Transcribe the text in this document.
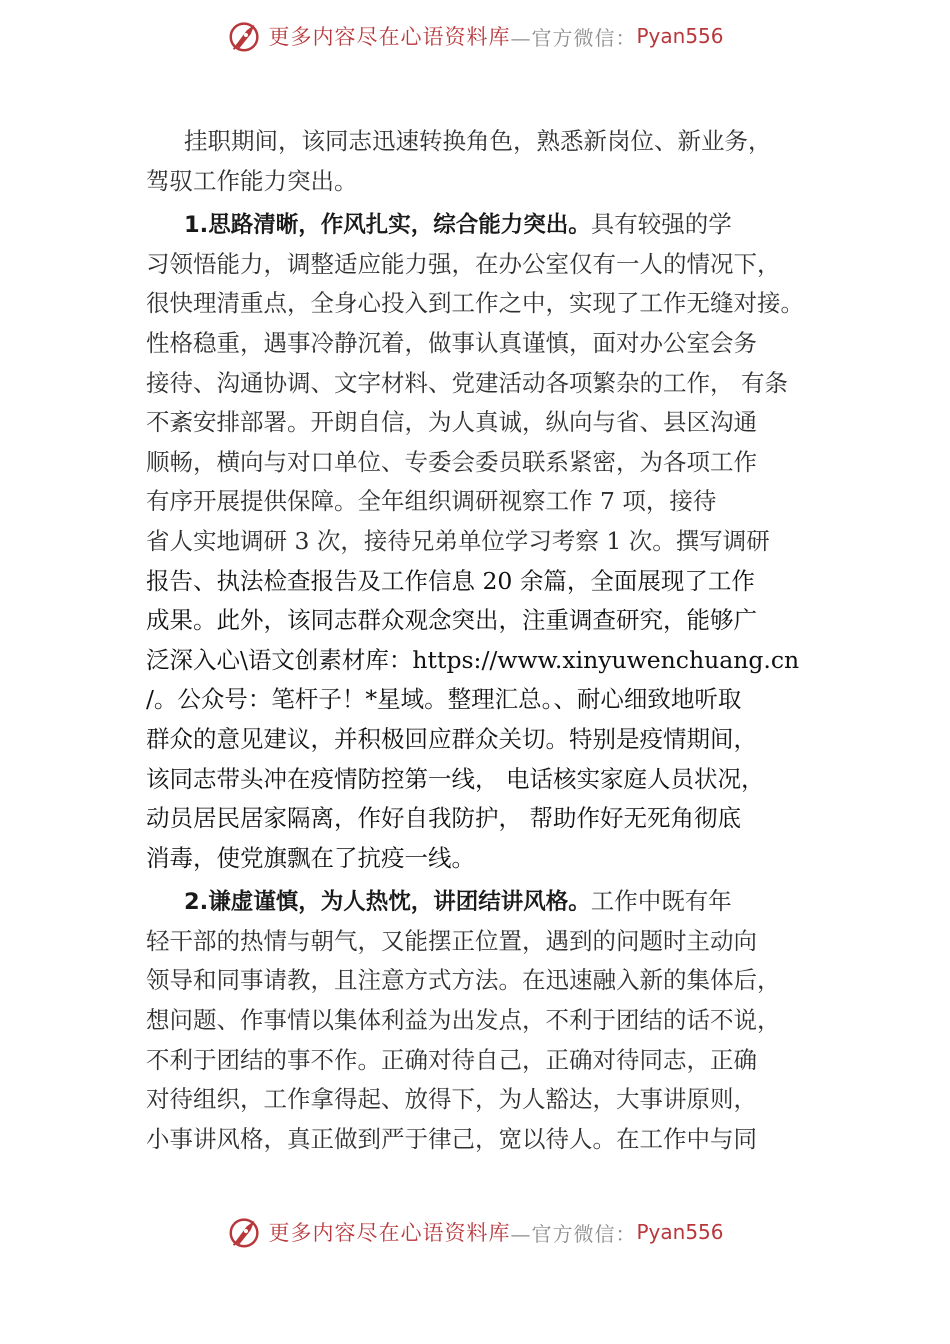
更多内容尽在心语资料库 —官方微信： Pyan556
挂职期间，该同志迅速转换角色，熟悉新岗位、新业务，
驾驭工作能力突出。
1.思路清晰，作风扎实，综合能力突出。具有较强的学
习领悟能力，调整适应能力强，在办公室仅有一人的情况下，
很快理清重点，全身心投入到工作之中，实现了工作无缝对接。
性格稳重，遇事冷静沉着，做事认真谨慎，面对办公室会务
接待、沟通协调、文字材料、党建活动各项繁杂的工作， 有条
不紊安排部署。开朗自信，为人真诚，纵向与省、县区沟通
顺畅，横向与对口单位、专委会委员联系紧密，为各项工作
有序开展提供保障。全年组织调研视察工作 7 项，接待
省人实地调研 3 次，接待兄弟单位学习考察 1 次。撰写调研
报告、执法检查报告及工作信息 20 余篇，全面展现了工作
成果。此外，该同志群众观念突出，注重调查研究，能够广
泛深入心\语文创素材库：https://www.xinyuwenchuang.cn
/。公众号：笔杆子！*星域。整理汇总。、耐心细致地听取
群众的意见建议，并积极回应群众关切。特别是疫情期间，
该同志带头冲在疫情防控第一线， 电话核实家庭人员状况，
动员居民居家隔离，作好自我防护， 帮助作好无死角彻底
消毒，使党旗飘在了抗疫一线。
2.谦虚谨慎，为人热忱，讲团结讲风格。工作中既有年
轻干部的热情与朝气，又能摆正位置，遇到的问题时主动向
领导和同事请教，且注意方式方法。在迅速融入新的集体后，
想问题、作事情以集体利益为出发点，不利于团结的话不说，
不利于团结的事不作。正确对待自己，正确对待同志，正确
对待组织，工作拿得起、放得下，为人豁达，大事讲原则，
小事讲风格，真正做到严于律己，宽以待人。在工作中与同
更多内容尽在心语资料库 —官方微信： Pyan556
